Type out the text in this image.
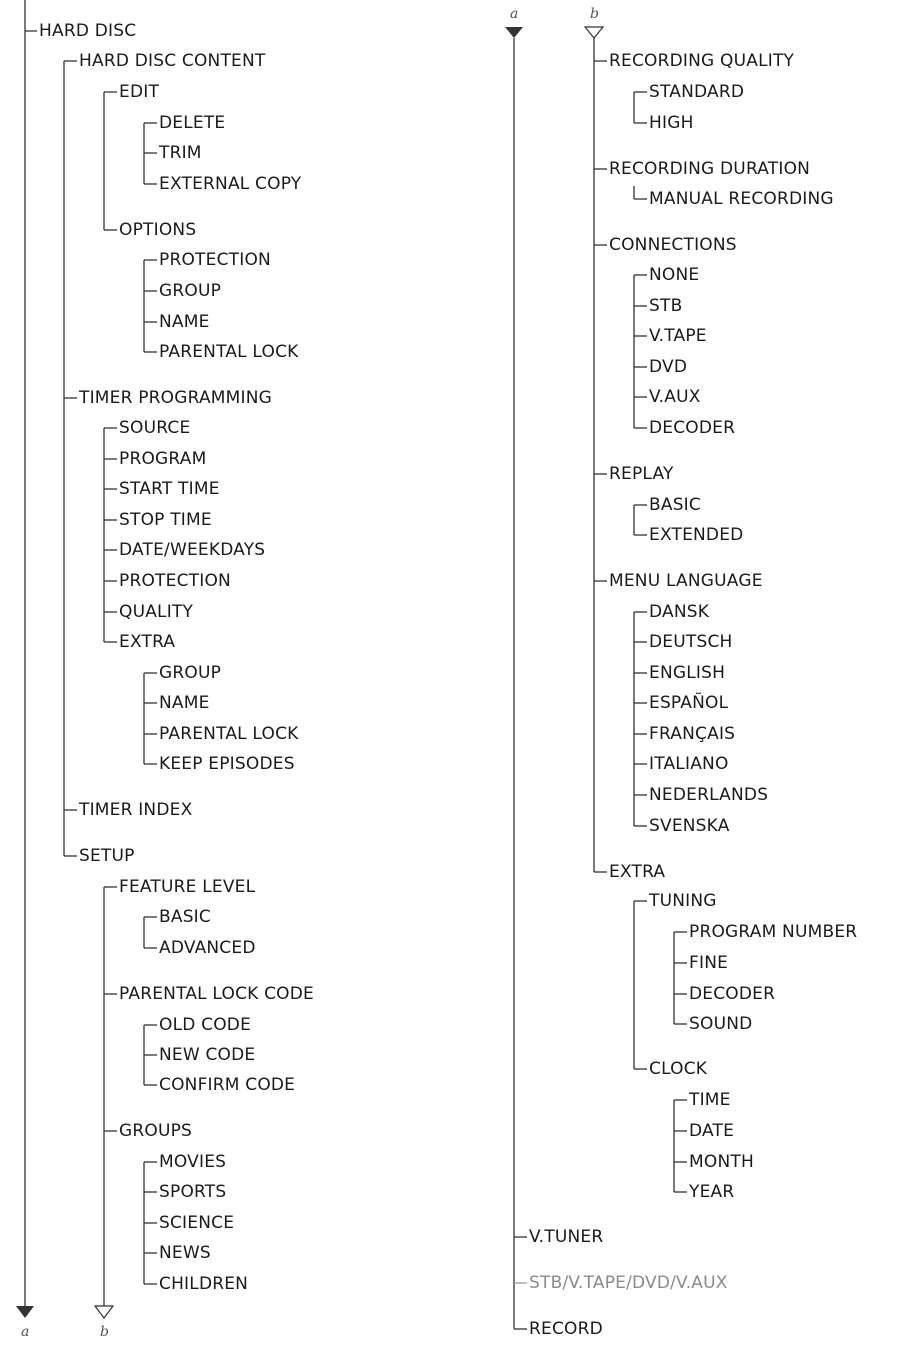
a	b
a	b
HARD DISC
HARD DISC CONTENT
EDIT
DELETE
TRIM
EXTERNAL COPY
OPTIONS
PROTECTION
GROUP
NAME
PARENTAL LOCK
TIMER PROGRAMMING
SOURCE
PROGRAM
START TIME
STOP TIME
DATE/WEEKDAYS
PROTECTION
QUALITY
EXTRA
GROUP
NAME
PARENTAL LOCK
KEEP EPISODES
TIMER INDEX
SETUP
FEATURE LEVEL
BASIC
ADVANCED
PARENTAL LOCK CODE
OLD CODE
NEW CODE
CONFIRM CODE
GROUPS
MOVIES
SPORTS
SCIENCE
NEWS
CHILDREN
RECORDING QUALITY
STANDARD
HIGH
RECORDING DURATION
MANUAL RECORDING
CONNECTIONS
NONE
STB
V.TAPE
DVD
V.AUX
DECODER
REPLAY
BASIC
EXTENDED
MENU LANGUAGE
DANSK
DEUTSCH
ENGLISH
ESPAÑOL
FRANÇAIS
ITALIANO
NEDERLANDS
SVENSKA
EXTRA
TUNING
PROGRAM NUMBER
FINE
DECODER
SOUND
CLOCK
TIME
DATE
MONTH
YEAR
V.TUNER
STB/V.TAPE/DVD/V.AUX
RECORD
